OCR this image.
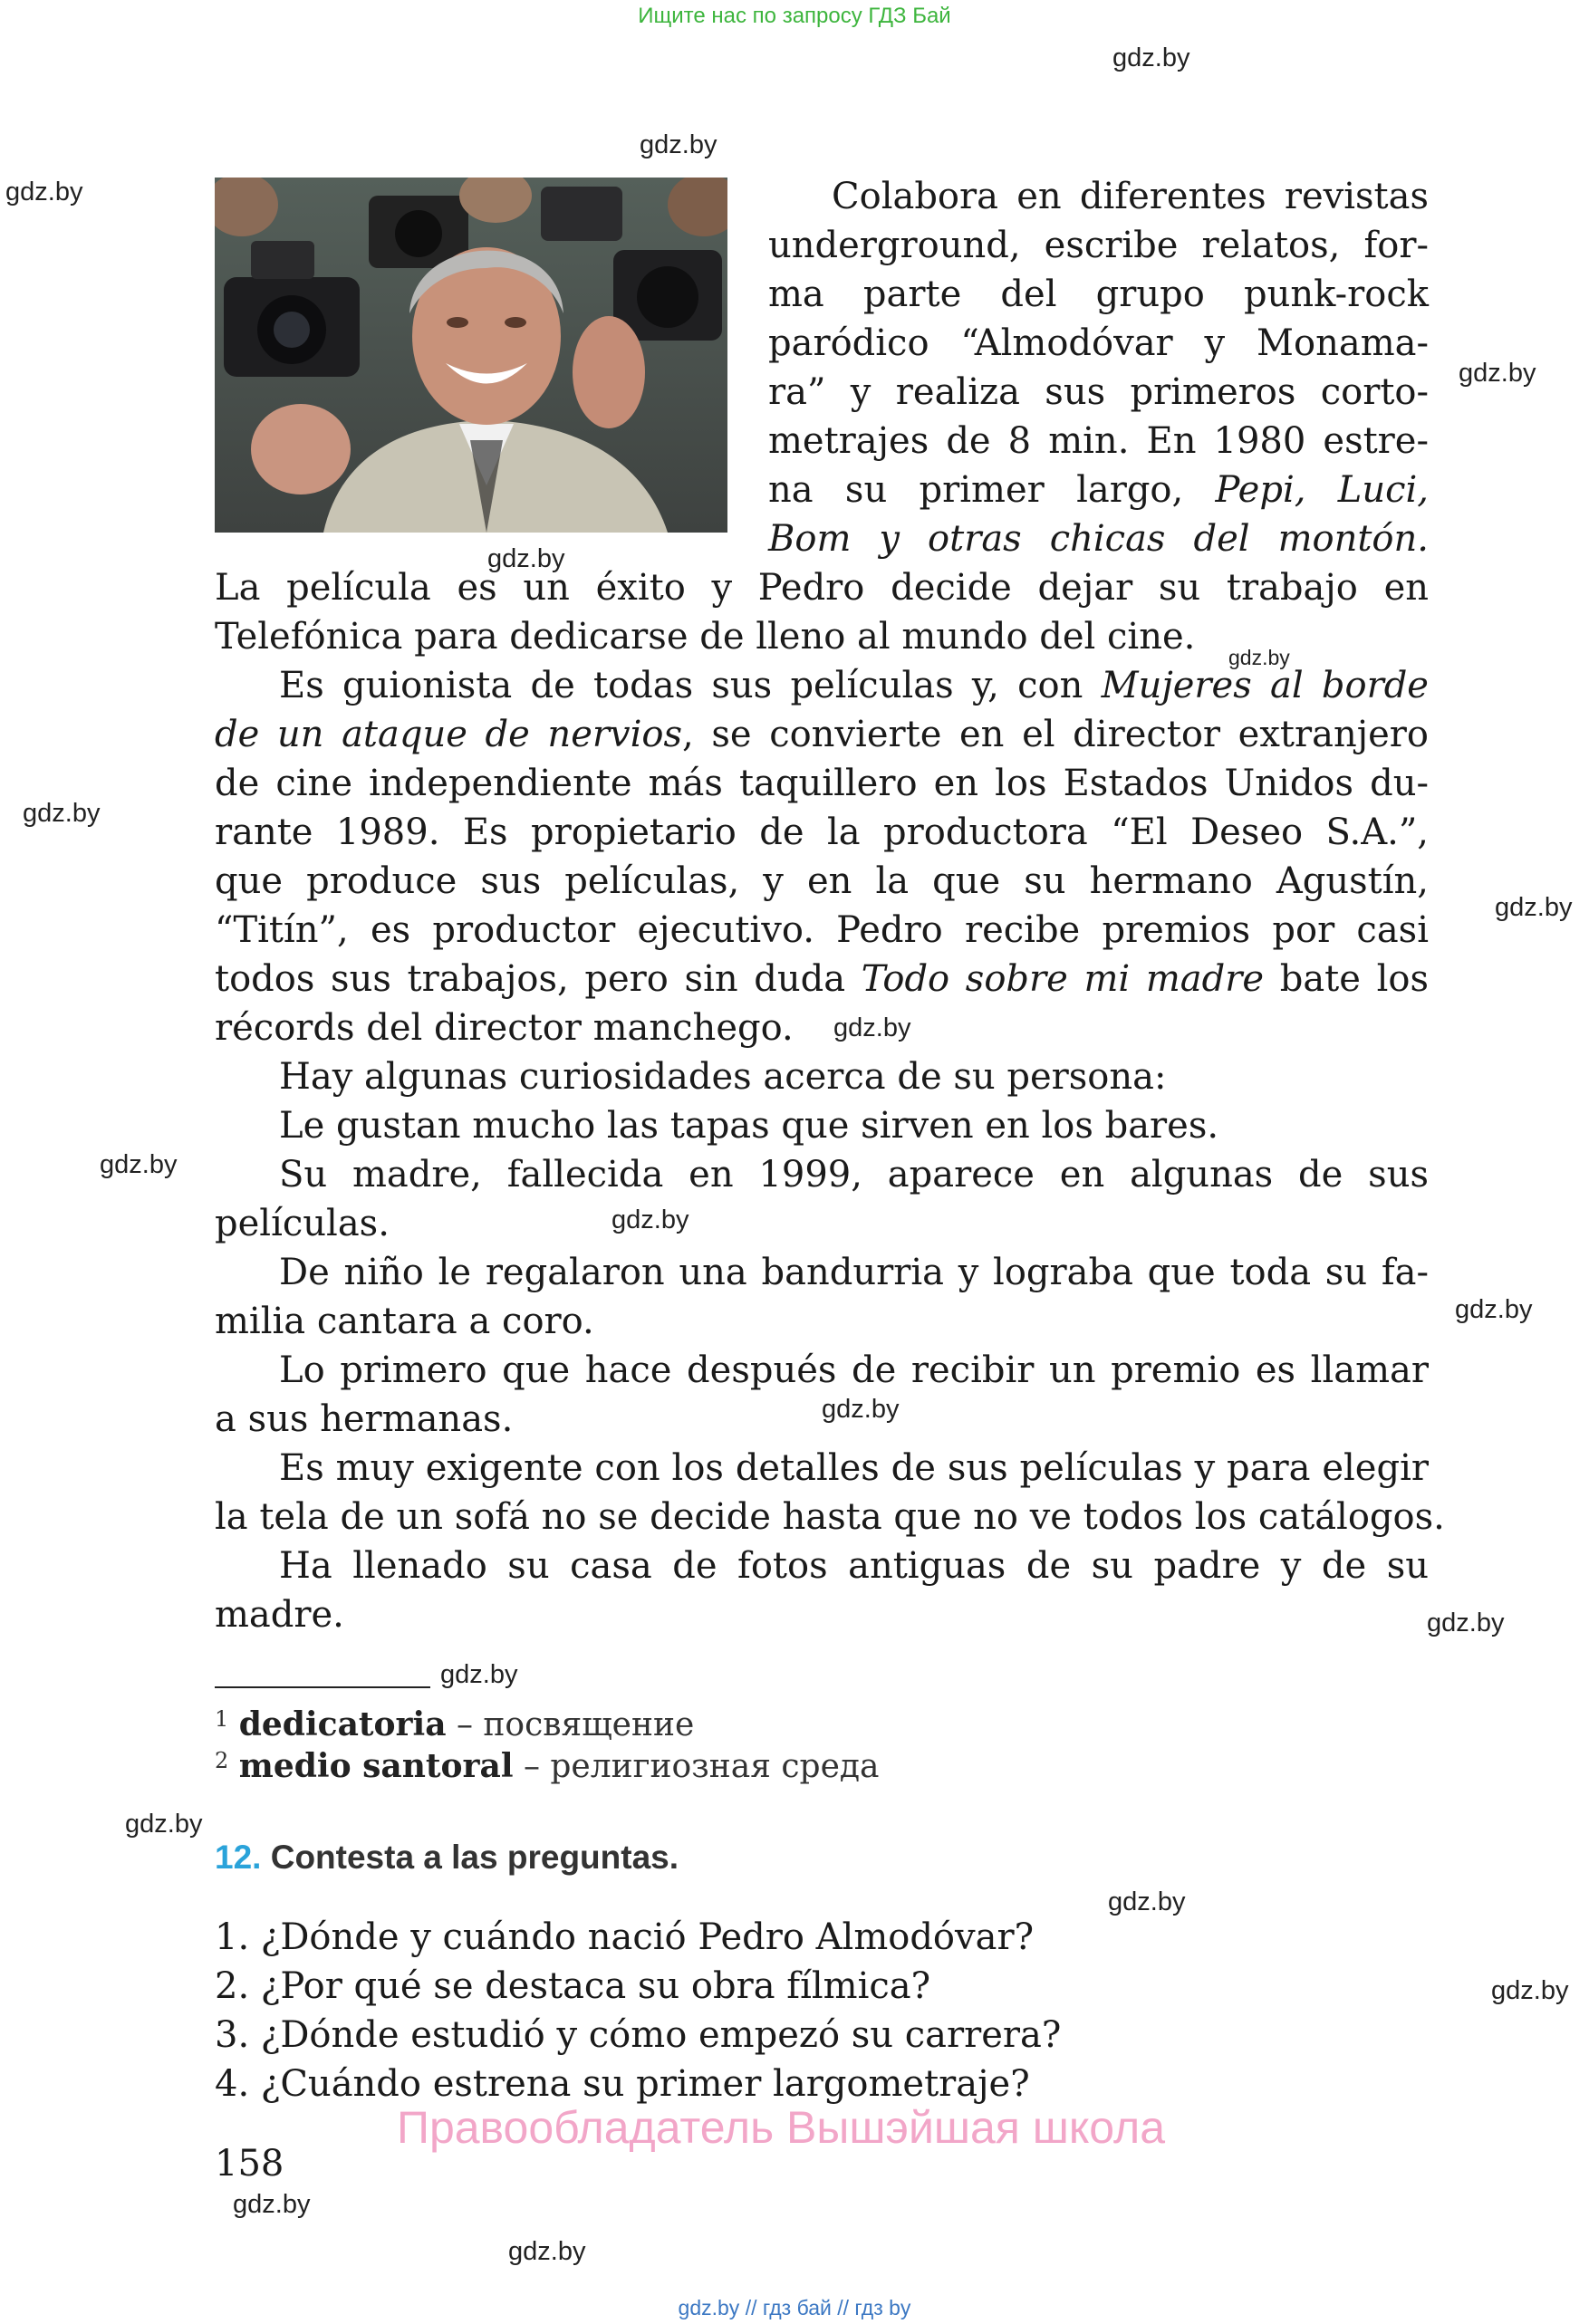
Ищите нас по запросу ГДЗ Бай
gdz.by
gdz.by
gdz.by
gdz.by
gdz.by
gdz.by
gdz.by
gdz.by
gdz.by
gdz.by
gdz.by
gdz.by
gdz.by
gdz.by
gdz.by
gdz.by
gdz.by
gdz.by
gdz.by
gdz.by
Colabora en diferentes revistas
underground, escribe relatos, for-
ma parte del grupo punk-rock
paródico “Almodóvar y Monama-
ra” y realiza sus primeros corto-
metrajes de 8 min. En 1980 estre-
na su primer largo, Pepi, Luci,
Bom y otras chicas del montón.
La película es un éxito y Pedro decide dejar su trabajo en
Telefónica para dedicarse de lleno al mundo del cine.
Es guionista de todas sus películas y, con Mujeres al borde
de un ataque de nervios, se convierte en el director extranjero
de cine independiente más taquillero en los Estados Unidos du-
rante 1989. Es propietario de la productora “El Deseo S.A.”,
que produce sus películas, y en la que su hermano Agustín,
“Titín”, es productor ejecutivo. Pedro recibe premios por casi
todos sus trabajos, pero sin duda Todo sobre mi madre bate los
récords del director manchego.
Hay algunas curiosidades acerca de su persona:
Le gustan mucho las tapas que sirven en los bares.
Su madre, fallecida en 1999, aparece en algunas de sus
películas.
De niño le regalaron una bandurria y lograba que toda su fa-
milia cantara a coro.
Lo primero que hace después de recibir un premio es llamar
a sus hermanas.
Es muy exigente con los detalles de sus películas y para elegir
la tela de un sofá no se decide hasta que no ve todos los catálogos.
Ha llenado su casa de fotos antiguas de su padre y de su
madre.
$^1$ dedicatoria – посвящение
$^2$ medio santoral – религиозная среда
12. Contesta a las preguntas.
1. ¿Dónde y cuándo nació Pedro Almodóvar?
2. ¿Por qué se destaca su obra fílmica?
3. ¿Dónde estudió y cómo empezó su carrera?
4. ¿Cuándo estrena su primer largometraje?
Правообладатель Вышэйшая школа
158
gdz.by // гдз бай // гдз by
